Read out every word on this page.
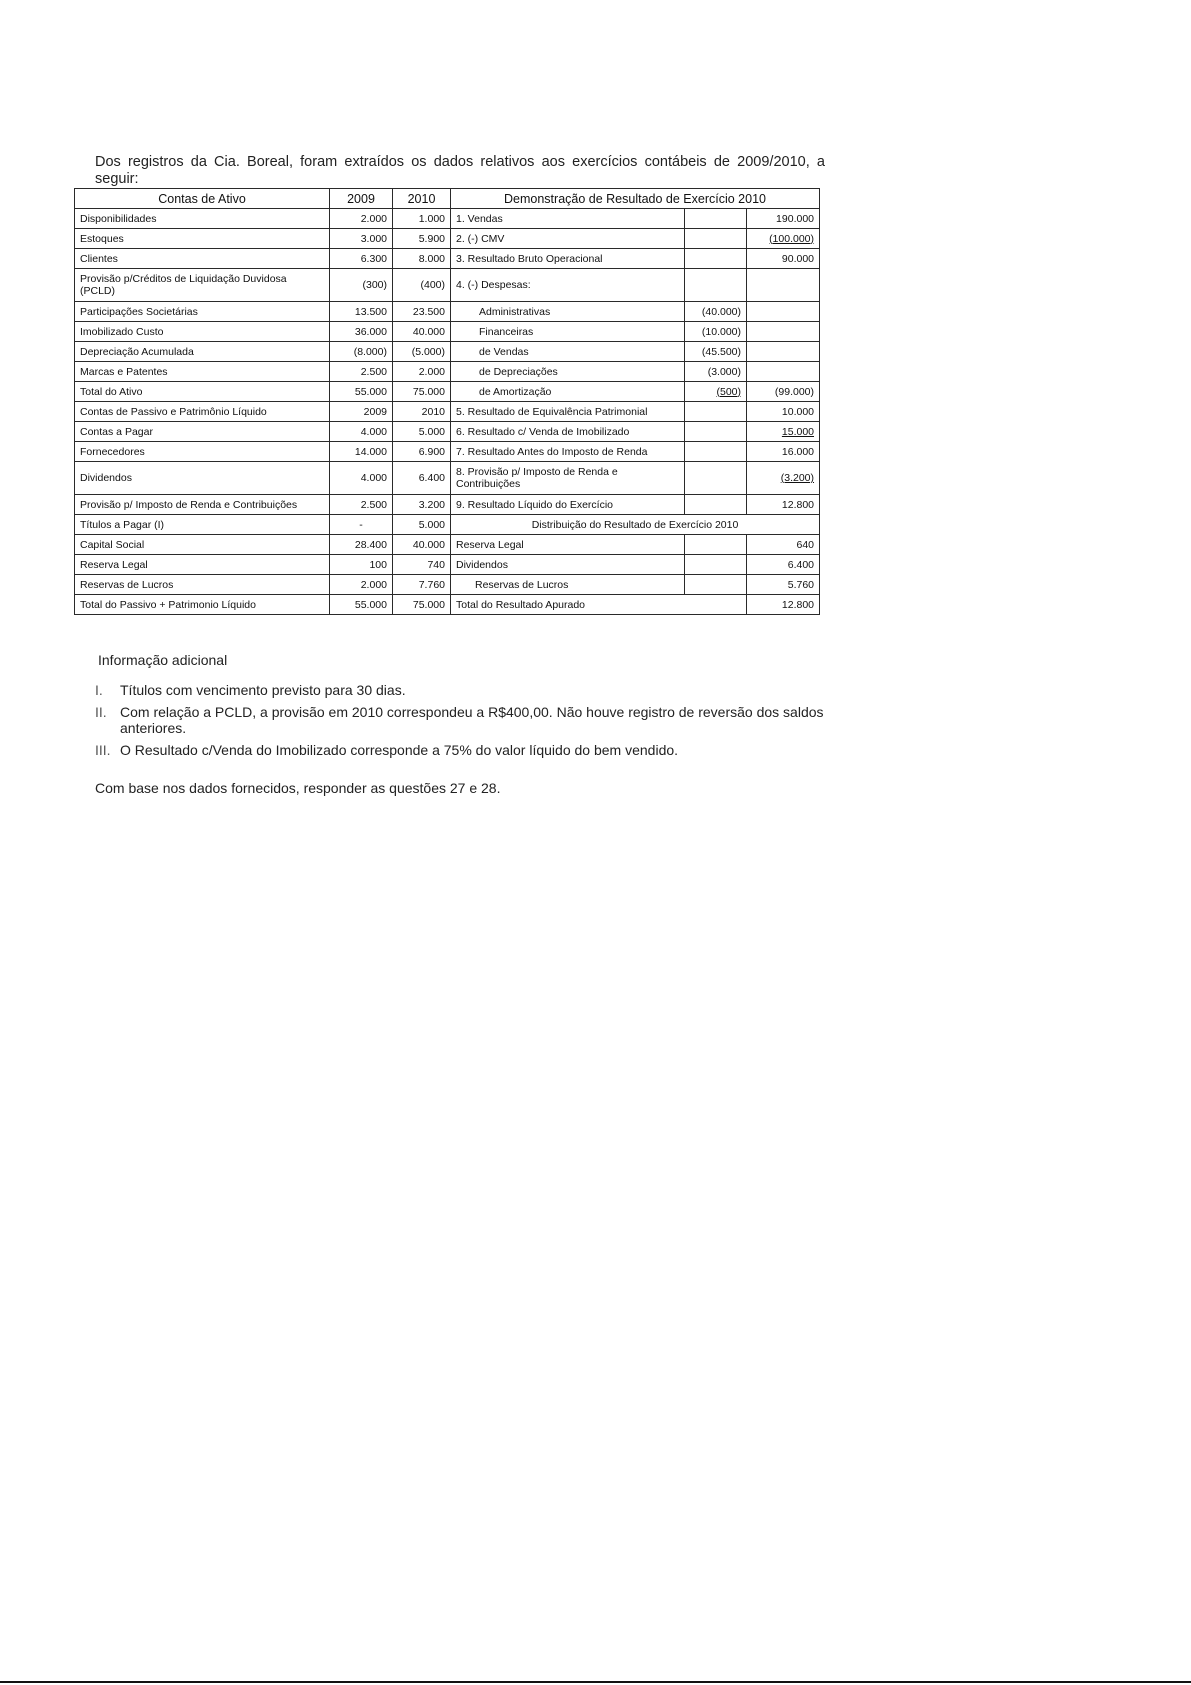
Dos registros da Cia. Boreal, foram extraídos os dados relativos aos exercícios contábeis de 2009/2010, a seguir:

Contas de Ativo	2009	2010	Demonstração de Resultado de Exercício 2010		
Disponibilidades	2.000	1.000	1. Vendas		190.000
Estoques	3.000	5.900	2. (-) CMV		(100.000)
Clientes	6.300	8.000	3. Resultado Bruto Operacional		90.000
Provisão p/Créditos de Liquidação Duvidosa (PCLD)	(300)	(400)	4. (-) Despesas:		
Participações Societárias	13.500	23.500	Administrativas	(40.000)	
Imobilizado Custo	36.000	40.000	Financeiras	(10.000)	
Depreciação Acumulada	(8.000)	(5.000)	de Vendas	(45.500)	
Marcas e Patentes	2.500	2.000	de Depreciações	(3.000)	
Total do Ativo	55.000	75.000	de Amortização	(500)	(99.000)
Contas de Passivo e Patrimônio Líquido	2009	2010	5. Resultado de Equivalência Patrimonial		10.000
Contas a Pagar	4.000	5.000	6. Resultado c/ Venda de Imobilizado		15.000
Fornecedores	14.000	6.900	7. Resultado Antes do Imposto de Renda		16.000
Dividendos	4.000	6.400	8. Provisão p/ Imposto de Renda e Contribuições		(3.200)
Provisão p/ Imposto de Renda e Contribuições	2.500	3.200	9. Resultado Líquido do Exercício		12.800
Títulos a Pagar (I)	-	5.000	Distribuição do Resultado de Exercício 2010		
Capital Social	28.400	40.000	Reserva Legal		640
Reserva Legal	100	740	Dividendos		6.400
Reservas de Lucros	2.000	7.760	Reservas de Lucros		5.760
Total do Passivo + Patrimonio Líquido	55.000	75.000	Total do Resultado Apurado		12.800
Informação adicional
I.	Títulos com vencimento previsto para 30 dias.
II. Com relação a PCLD, a provisão em 2010 correspondeu a R$400,00. Não houve registro de reversão dos saldos anteriores.
III. O Resultado c/Venda do Imobilizado corresponde a 75% do valor líquido do bem vendido.
Com base nos dados fornecidos, responder as questões 27 e 28.
